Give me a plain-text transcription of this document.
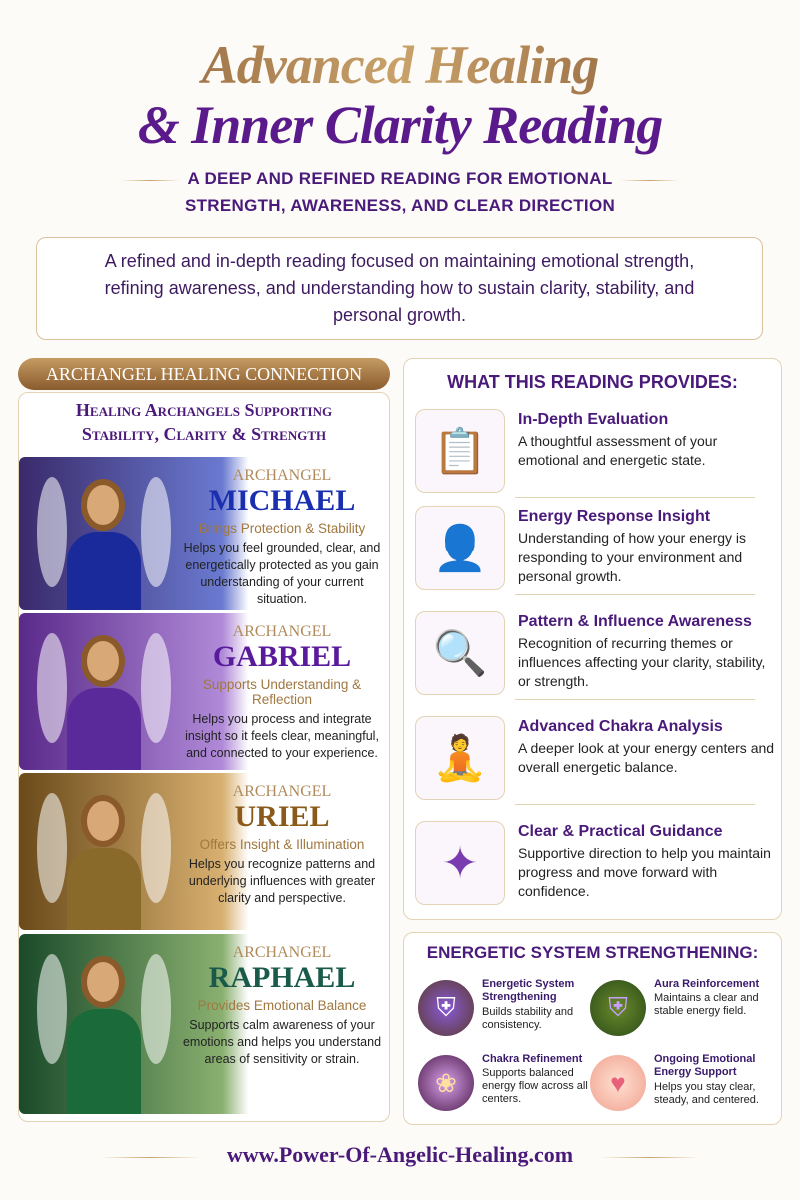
Advanced Healing
& Inner Clarity Reading
A DEEP AND REFINED READING FOR EMOTIONAL
STRENGTH, AWARENESS, AND CLEAR DIRECTION
A refined and in-depth reading focused on maintaining emotional strength, refining awareness, and understanding how to sustain clarity, stability, and personal growth.
ARCHANGEL HEALING CONNECTION
Healing Archangels Supporting
Stability, Clarity & Strength
ARCHANGEL
MICHAEL
Brings Protection & Stability
Helps you feel grounded, clear, and energetically protected as you gain understanding of your current situation.
ARCHANGEL
GABRIEL
Supports Understanding & Reflection
Helps you process and integrate insight so it feels clear, meaningful, and connected to your experience.
ARCHANGEL
URIEL
Offers Insight & Illumination
Helps you recognize patterns and underlying influences with greater clarity and perspective.
ARCHANGEL
RAPHAEL
Provides Emotional Balance
Supports calm awareness of your emotions and helps you understand areas of sensitivity or strain.
WHAT THIS READING PROVIDES:
📋
In-Depth Evaluation
A thoughtful assessment of your emotional and energetic state.
👤
Energy Response Insight
Understanding of how your energy is responding to your environment and personal growth.
🔍
Pattern & Influence Awareness
Recognition of recurring themes or influences affecting your clarity, stability, or strength.
🧘
Advanced Chakra Analysis
A deeper look at your energy centers and overall energetic balance.
✦
Clear & Practical Guidance
Supportive direction to help you maintain progress and move forward with confidence.
ENERGETIC SYSTEM STRENGTHENING:
⛨
Energetic System Strengthening
Builds stability and consistency.
⛨
Aura Reinforcement
Maintains a clear and stable energy field.
❀
Chakra Refinement
Supports balanced energy flow across all centers.
♥
Ongoing Emotional Energy Support
Helps you stay clear, steady, and centered.
www.Power-Of-Angelic-Healing.com
